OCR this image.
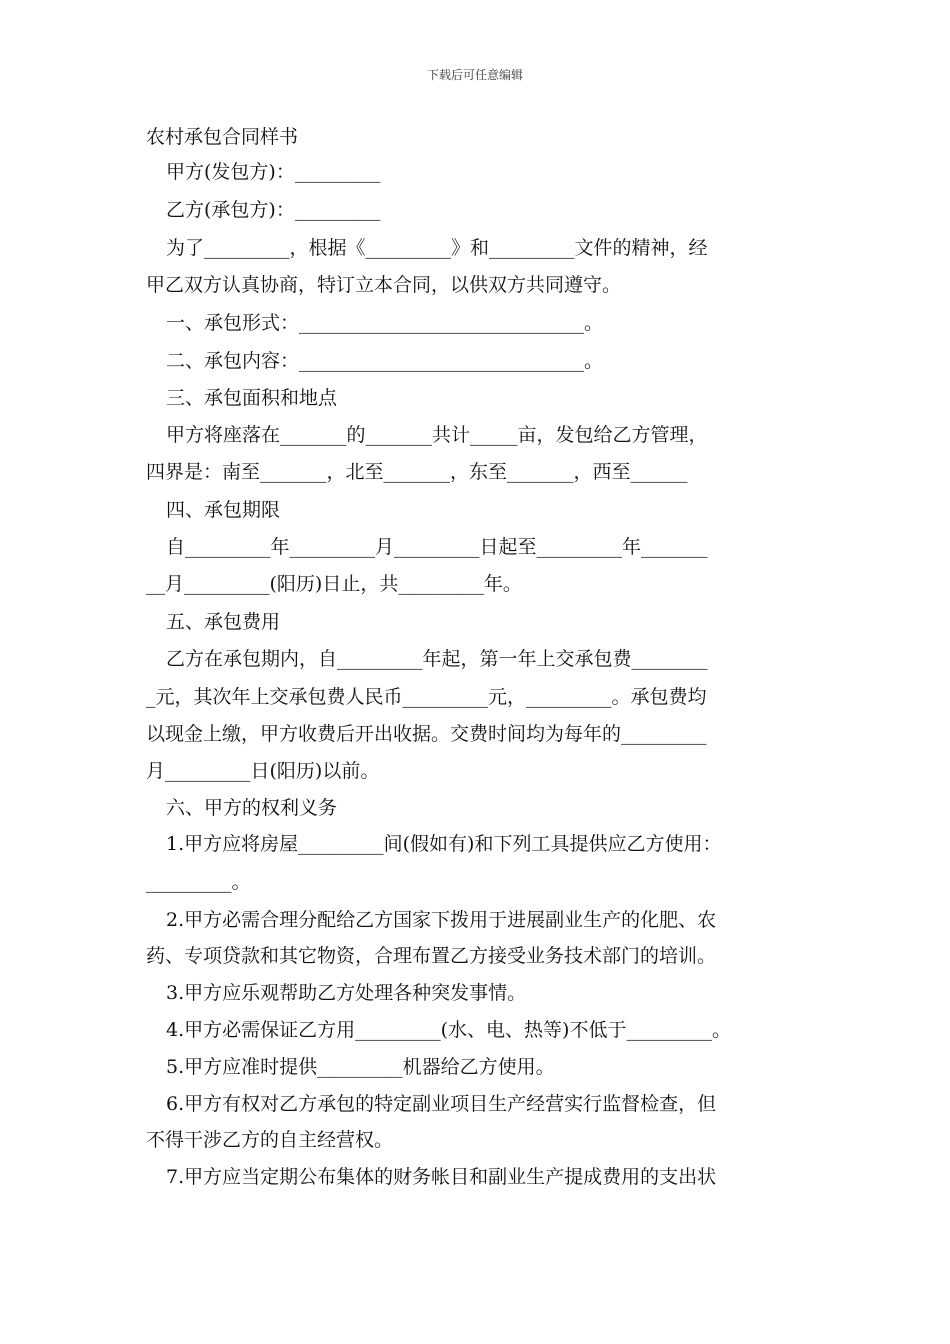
下载后可任意编辑
农村承包合同样书
甲方(发包方)：_________
乙方(承包方)：_________
为了_________，根据《_________》和_________文件的精神，经
甲乙双方认真协商，特订立本合同，以供双方共同遵守。
一、承包形式：______________________________。
二、承包内容：______________________________。
三、承包面积和地点
甲方将座落在_______的_______共计_____亩，发包给乙方管理，
四界是：南至_______，北至_______，东至_______，西至______
四、承包期限
自_________年_________月_________日起至_________年_______
__月_________(阳历)日止，共_________年。
五、承包费用
乙方在承包期内，自_________年起，第一年上交承包费________
_元，其次年上交承包费人民币_________元，_________。承包费均
以现金上缴，甲方收费后开出收据。交费时间均为每年的_________
月_________日(阳历)以前。
六、甲方的权利义务
1.甲方应将房屋_________间(假如有)和下列工具提供应乙方使用：
_________。
2.甲方必需合理分配给乙方国家下拨用于进展副业生产的化肥、农
药、专项贷款和其它物资，合理布置乙方接受业务技术部门的培训。
3.甲方应乐观帮助乙方处理各种突发事情。
4.甲方必需保证乙方用_________(水、电、热等)不低于_________。
5.甲方应准时提供_________机器给乙方使用。
6.甲方有权对乙方承包的特定副业项目生产经营实行监督检查，但
不得干涉乙方的自主经营权。
7.甲方应当定期公布集体的财务帐目和副业生产提成费用的支出状
